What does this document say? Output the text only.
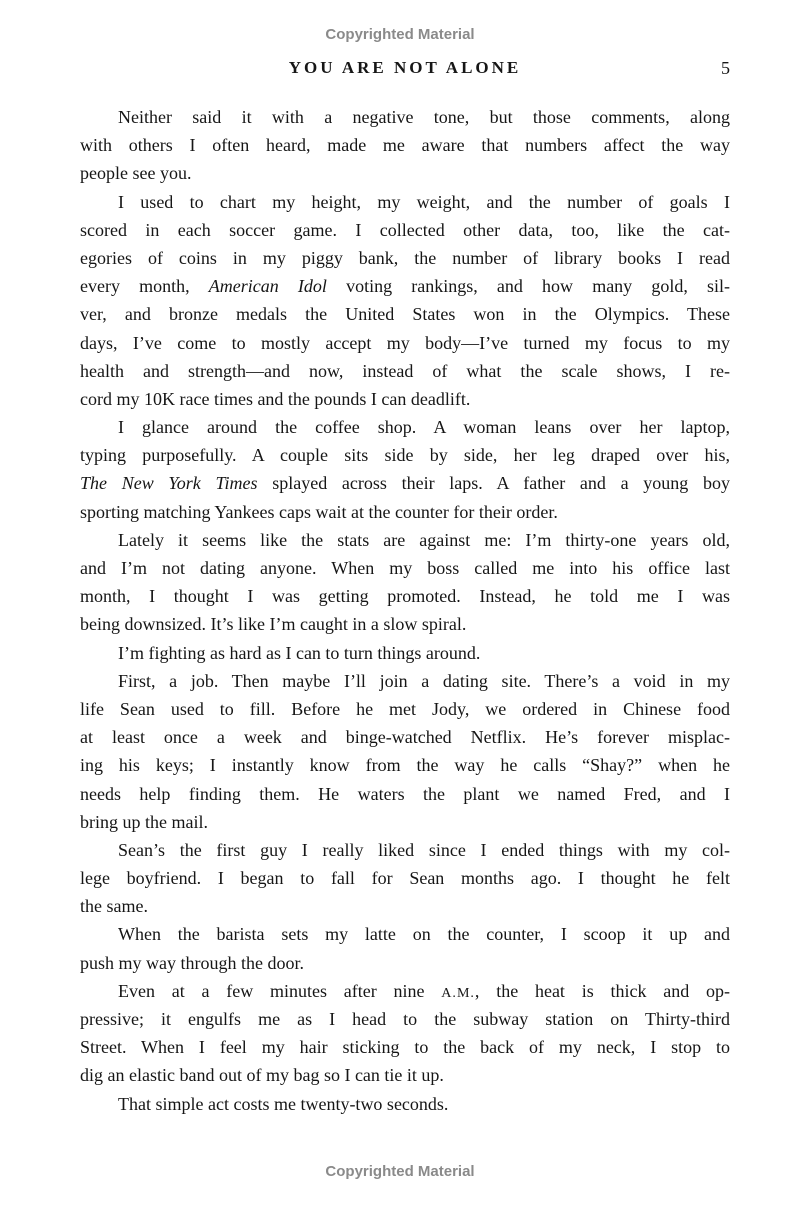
Copyrighted Material
YOU ARE NOT ALONE	5
Neither said it with a negative tone, but those comments, along
with others I often heard, made me aware that numbers affect the way
people see you.
I used to chart my height, my weight, and the number of goals I
scored in each soccer game. I collected other data, too, like the cat-
egories of coins in my piggy bank, the number of library books I read
every month, American Idol voting rankings, and how many gold, sil-
ver, and bronze medals the United States won in the Olympics. These
days, I’ve come to mostly accept my body—I’ve turned my focus to my
health and strength—and now, instead of what the scale shows, I re-
cord my 10K race times and the pounds I can deadlift.
I glance around the coffee shop. A woman leans over her laptop,
typing purposefully. A couple sits side by side, her leg draped over his,
The New York Times splayed across their laps. A father and a young boy
sporting matching Yankees caps wait at the counter for their order.
Lately it seems like the stats are against me: I’m thirty-one years old,
and I’m not dating anyone. When my boss called me into his office last
month, I thought I was getting promoted. Instead, he told me I was
being downsized. It’s like I’m caught in a slow spiral.
I’m fighting as hard as I can to turn things around.
First, a job. Then maybe I’ll join a dating site. There’s a void in my
life Sean used to fill. Before he met Jody, we ordered in Chinese food
at least once a week and binge-watched Netflix. He’s forever misplac-
ing his keys; I instantly know from the way he calls “Shay?” when he
needs help finding them. He waters the plant we named Fred, and I
bring up the mail.
Sean’s the first guy I really liked since I ended things with my col-
lege boyfriend. I began to fall for Sean months ago. I thought he felt
the same.
When the barista sets my latte on the counter, I scoop it up and
push my way through the door.
Even at a few minutes after nine A.M., the heat is thick and op-
pressive; it engulfs me as I head to the subway station on Thirty-third
Street. When I feel my hair sticking to the back of my neck, I stop to
dig an elastic band out of my bag so I can tie it up.
That simple act costs me twenty-two seconds.
Copyrighted Material
